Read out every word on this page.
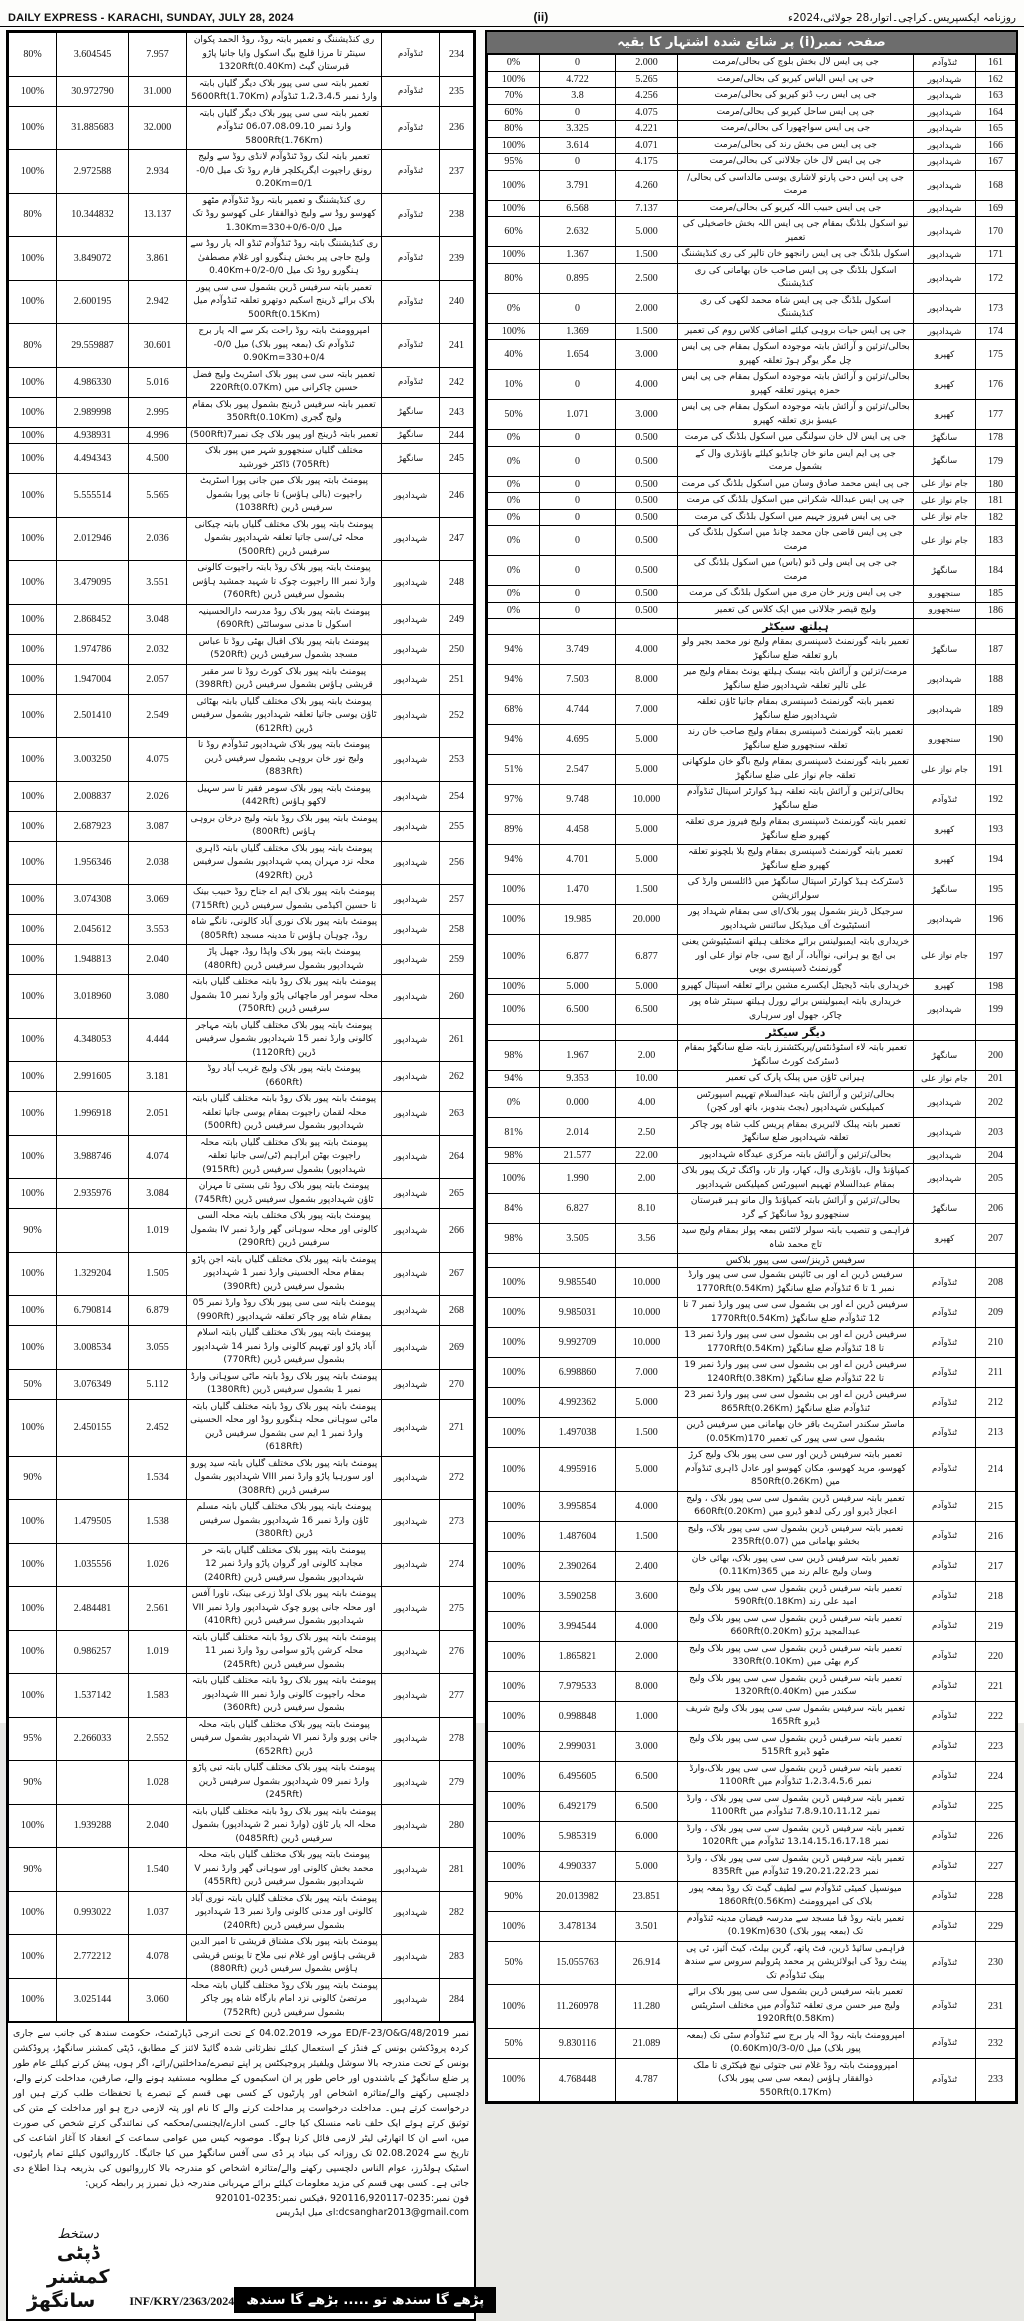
DAILY EXPRESS - KARACHI, SUNDAY, JULY 28, 2024	(ii)	روزنامہ ایکسپریس۔کراچی۔اتوار،28 جولائی،2024ء
234	ٹنڈوآدم	ری کنڈیشننگ و تعمیر بابتہ روڈ، روڈ الحمد پکوان سینٹر تا مرزا قلیچ بیگ اسکول وایا جاتیا پاڑو قبرستان گیٹ 1320Rft(0.40Km)	7.957	3.604545	80%
235	ٹنڈوآدم	تعمیر بابتہ سی سی پیور بلاک دیگر گلیاں بابتہ وارڈ نمبر 1،2،3،4،5 ٹنڈوآدم 5600Rft(1.70Km)	31.000	30.972790	100%
236	ٹنڈوآدم	تعمیر بابتہ سی سی پیور بلاک دیگر گلیاں بابتہ وارڈ نمبر 06،07،08،09،10 ٹنڈوآدم 5800Rft(1.76Km)	32.000	31.885683	100%
237	ٹنڈوآدم	تعمیر بابتہ لنک روڈ ٹنڈوآدم لانڈی روڈ سے ولیج رونق راجپوت ایگریکلچر فارم روڈ تک میل 0/0-0/1=0.20Km	2.934	2.972588	100%
238	ٹنڈوآدم	ری کنڈیشننگ و تعمیر بابتہ روڈ ٹنڈوآدم مٹھو کھوسو روڈ سے ولیج ذوالفقار علی کھوسو روڈ تک میل 0/0-0/6+330=1.30Km	13.137	10.344832	80%
239	ٹنڈوآدم	ری کنڈیشننگ بابتہ روڈ ٹنڈوآدم ٹنڈو الہ یار روڈ سے ولیج حاجی پیر بخش ہنگورو اور غلام مصطفیٰ ہنگورو روڈ تک میل 0/0-0/2+0.40Km	3.861	3.849072	100%
240	ٹنڈوآدم	تعمیر بابتہ سرفیس ڈرین بشمول سی سی پیور بلاک برائے ڈرینج اسکیم دوتھرو تعلقہ ٹنڈوآدم میل 500Rft(0.15Km)	2.942	2.600195	100%
241	ٹنڈوآدم	امپروومنٹ بابتہ روڈ راحت بکر سے الہ یار برج ٹنڈوآدم تک (بمعہ پیور بلاک) میل 0/0-0/4+330=0.90Km	30.601	29.559887	80%
242	ٹنڈوآدم	تعمیر بابتہ سی سی پیور بلاک اسٹریٹ ولیج فضل حسین چاکرانی میں 220Rft(0.07Km)	5.016	4.986330	100%
243	سانگھڑ	تعمیر بابتہ سرفیس ڈرینج بشمول پیور بلاک بمقام ولیج گجری 350Rft(0.10Km)	2.995	2.989998	100%
244	سانگھڑ	تعمیر بابتہ ڈرینج اور پیور بلاک چک نمبر7(500Rft)	4.996	4.938931	100%
245	سانگھڑ	مختلف گلیاں سنجھورو شہر میں پیور بلاک (705Rft) ڈاکٹر خورشید	4.500	4.494343	100%
246	شہدادپور	پیومنٹ بابتہ پیور بلاک مین جانی پورا اسٹریٹ راجپوت (بالی ہاؤس) تا جانی پورا بشمول سرفیس ڈرین (1038Rft)	5.565	5.555514	100%
247	شہدادپور	پیومنٹ بابتہ پیور بلاک مختلف گلیاں بابتہ چیکانی محلہ ٹی/سی جاتیا تعلقہ شہدادپور بشمول سرفیس ڈرین (500Rft)	2.036	2.012946	100%
248	شہدادپور	پیومنٹ بابتہ پیور بلاک روڈ بابتہ راجپوت کالونی وارڈ نمبر III راجپوت چوک تا شہید جمشید ہاؤس بشمول سرفیس ڈرین (760Rft)	3.551	3.479095	100%
249	شہدادپور	پیومنٹ بابتہ پیور بلاک روڈ مدرسہ دارالحسینیہ اسکول تا مدنی سوسائٹی (690Rft)	3.048	2.868452	100%
250	شہدادپور	پیومنٹ بابتہ پیور بلاک اقبال بھٹی روڈ تا عباس مسجد بشمول سرفیس ڈرین (520Rft)	2.032	1.974786	100%
251	شہدادپور	پیومنٹ بابتہ پیور بلاک کورٹ روڈ تا سر مقبر قریشی ہاؤس بشمول سرفیس ڈرین (398Rft)	2.057	1.947004	100%
252	شہدادپور	پیومنٹ بابتہ پیور بلاک مختلف گلیاں بابتہ بھٹائی ٹاؤن یوسی جاتیا تعلقہ شہدادپور بشمول سرفیس ڈرین (612Rft)	2.549	2.501410	100%
253	شہدادپور	پیومنٹ بابتہ پیور بلاک شہدادپور ٹنڈوآدم روڈ تا ولیج نور خان بروہی بشمول سرفیس ڈرین (883Rft)	4.075	3.003250	100%
254	شہدادپور	پیومنٹ بابتہ پیور بلاک سومر فقیر تا سر سہیل لاکھو ہاؤس (442Rft)	2.026	2.008837	100%
255	شہدادپور	پیومنٹ بابتہ پیور بلاک روڈ بابتہ ولیج درخان بروہی ہاؤس (800Rft)	3.087	2.687923	100%
256	شہدادپور	پیومنٹ بابتہ پیور بلاک مختلف گلیاں بابتہ ڈاہری محلہ نزد مہران پمپ شہدادپور بشمول سرفیس ڈرین (492Rft)	2.038	1.956346	100%
257	شہدادپور	پیومنٹ بابتہ پیور بلاک ایم اے جناح روڈ حبیب بینک تا حسین اکیڈمی بشمول سرفیس ڈرین (715Rft)	3.069	3.074308	100%
258	شہدادپور	پیومنٹ بابتہ پیور بلاک نوری آباد کالونی، نانگے شاہ روڈ، چوہان ہاؤس تا مدینہ مسجد (805Rft)	3.553	2.045612	100%
259	شہدادپور	پیومنٹ بابتہ پیور بلاک واپڈا روڈ، جھیل پاڑ شہدادپور بشمول سرفیس ڈرین (480Rft)	2.040	1.948813	100%
260	شہدادپور	پیومنٹ بابتہ پیور بلاک روڈ بابتہ مختلف گلیاں بابتہ محلہ سومر اور ماچھائی پاڑو وارڈ نمبر 10 بشمول سرفیس ڈرین (750Rft)	3.080	3.018960	100%
261	شہدادپور	پیومنٹ بابتہ پیور بلاک مختلف گلیاں بابتہ مہاجر کالونی وارڈ نمبر 15 شہدادپور بشمول سرفیس ڈرین (1120Rft)	4.444	4.348053	100%
262	شہدادپور	پیومنٹ بابتہ پیور بلاک ولیج غریب آباد روڈ (660Rft)	3.181	2.991605	100%
263	شہدادپور	پیومنٹ بابتہ پیور بلاک روڈ بابتہ مختلف گلیاں بابتہ محلہ لقمان راجپوت بمقام یوسی جاتیا تعلقہ شہدادپور بشمول سرفیس ڈرین (500Rft)	2.051	1.996918	100%
264	شہدادپور	پیومنٹ بابتہ پیو بلاک مختلف گلیاں بابتہ محلہ راجپوت بھٹن ابراہیم (ٹی/سی جاتیا تعلقہ شہدادپور) بشمول سرفیس ڈرین (915Rft)	4.074	3.988746	100%
265	شہدادپور	پیومنٹ بابتہ پیور بلاک روڈ نئی بستی تا مہران ٹاؤن شہدادپور بشمول سرفیس ڈرین (745Rft)	3.084	2.935976	100%
266	شہدادپور	پیومنٹ بابتہ پیور بلاک مختلف بابتہ محلہ السی کالونی اور محلہ سوہانی گھر وارڈ نمبر IV بشمول سرفیس ڈرین (290Rft)	1.019		90%
267	شہدادپور	پیومنٹ بابتہ پیور بلاک مختلف گلیاں بابتہ اجن پاڑو بمقام محلہ الحسینی وارڈ نمبر 1 شہدادپور بشمول سرفیس ڈرین (390Rft)	1.505	1.329204	100%
268	شہدادپور	پیومنٹ بابتہ سی سی پیور بلاک روڈ وارڈ نمبر 05 بمقام شاہ پور چاکر تعلقہ شہدادپور (990Rft)	6.879	6.790814	100%
269	شہدادپور	پیومنٹ بابتہ پیور بلاک مختلف گلیاں بابتہ اسلام آباد پاڑو اور تھہیم کالونی وارڈ نمبر 14 شہدادپور بشمول سرفیس ڈرین (770Rft)	3.055	3.008534	100%
270	شہدادپور	پیومنٹ بابتہ پیور بلاک روڈ بابتہ ماٹی سوہانی وارڈ نمبر 1 بشمول سرفیس ڈرین (1380Rft)	5.112	3.076349	50%
271	شہدادپور	پیومنٹ بابتہ پیور بلاک روڈ بابتہ مختلف گلیاں بابتہ ماٹی سوہانی محلہ ہنگورو روڈ اور محلہ الحسینی وارڈ نمبر 1 ایم سی بشمول سرفیس ڈرین (618Rft)	2.452	2.450155	100%
272	شہدادپور	پیومنٹ بابتہ پیور بلاک مختلف گلیاں بابتہ سید پورو اور سورہیا پاڑو وارڈ نمبر VIII شہدادپور بشمول سرفیس ڈرین (308Rft)	1.534		90%
273	شہدادپور	پیومنٹ بابتہ پیور بلاک مختلف گلیاں بابتہ مسلم ٹاؤن وارڈ نمبر 16 شہدادپور بشمول سرفیس ڈرین (380Rft)	1.538	1.479505	100%
274	شہدادپور	پیومنٹ بابتہ پیور بلاک مختلف گلیاں بابتہ حر مجاہد کالونی اور گروان پاڑو وارڈ نمبر 12 شہدادپور بشمول سرفیس ڈرین (240Rft)	1.026	1.035556	100%
275	شہدادپور	پیومنٹ بابتہ پیور بلاک اولڈ زرعی بینک، ناورا آفس اور محلہ جانی پورو چوک شہدادپور وارڈ نمبر VII شہدادپور بشمول سرفیس ڈرین (410Rft)	2.561	2.484481	100%
276	شہدادپور	پیومنٹ بابتہ پیور بلاک روڈ بابتہ مختلف گلیاں بابتہ محلہ کرشن پاڑو سوامی روڈ وارڈ نمبر 11 بشمول سرفیس ڈرین (245Rft)	1.019	0.986257	100%
277	شہدادپور	پیومنٹ بابتہ پیور بلاک روڈ بابتہ مختلف گلیاں بابتہ محلہ راجپوت کالونی وارڈ نمبر III شہدادپور بشمول سرفیس ڈرین (360Rft)	1.583	1.537142	100%
278	شہدادپور	پیومنٹ بابتہ پیور بلاک مختلف گلیاں بابتہ محلہ جانی پورو وارڈ نمبر VI شہدادپور بشمول سرفیس ڈرین (652Rft)	2.552	2.266033	95%
279	شہدادپور	پیومنٹ بابتہ پیور بلاک مختلف گلیاں بابتہ تبی پاڑو وارڈ نمبر 09 شہدادپور بشمول سرفیس ڈرین (245Rft)	1.028		90%
280	شہدادپور	پیومنٹ بابتہ پیور بلاک روڈ بابتہ مختلف گلیاں بابتہ محلہ الہ یار ٹاؤن (وارڈ نمبر 2 شہدادپور) بشمول سرفیس ڈرین (0485Rft)	2.040	1.939288	100%
281	شہدادپور	پیومنٹ بابتہ پیور بلاک مختلف گلیاں بابتہ محلہ محمد بخش کالونی اور سوہانی گھر وارڈ نمبر V شہدادپور بشمول سرفیس ڈرین (455Rft)	1.540		90%
282	شہدادپور	پیومنٹ بابتہ پیور بلاک مختلف گلیاں بابتہ نوری آباد کالونی اور مدنی کالونی وارڈ نمبر 13 شہدادپور بشمول سرفیس ڈرین (240Rft)	1.037	0.993022	100%
283	شہدادپور	پیومنٹ بابتہ پیور بلاک مشتاق قریشی تا امیر الدین قریشی ہاؤس اور غلام نبی ملاح تا یونس قریشی ہاؤس بشمول سرفیس ڈرین (880Rft)	4.078	2.772212	100%
284	شہدادپور	پیومنٹ بابتہ پیور بلاک روڈ مختلف گلیاں بابتہ محلہ مرتضیٰ کالونی نزد امام بارگاہ شاہ پور چاکر بشمول سرفیس ڈرین (752Rft)	3.060	3.025144	100%
نمبر ED/F-23/O&G/48/2019 مورخہ 04.02.2019 کے تحت انرجی ڈپارٹمنٹ، حکومت سندھ کی جانب سے جاری کردہ پروڈکشن بونس کے فنڈز کے استعمال کیلئے نظرثانی شدہ گائیڈ لائنز کے مطابق، ڈپٹی کمشنر سانگھڑ، پروڈکشن بونس کے تحت مندرجہ بالا سوشل ویلفیئر پروجیکٹس پر اپنے تبصرے/مداخلتیں/رائے، اگر ہوں، پیش کرنے کیلئے عام طور پر ضلع سانگھڑ کے باشندوں اور خاص طور پر ان اسکیموں کے مطلوبہ مستفید ہونے والے، صارفین، مداخلت کرنے والے، دلچسپی رکھنے والے/متاثرہ اشخاص اور پارٹیوں کے کسی بھی قسم کے تبصرے یا تحفظات طلب کرتے ہیں اور درخواست کرتے ہیں۔ مداخلت درخواست پر مداخلت کرنے والے کا نام اور پتہ لازمی درج ہو اور مداخلت کے متن کی توثیق کرتے ہوئے ایک حلف نامہ منسلک کیا جائے۔ کسی ادارے/ایجنسی/محکمہ کی نمائندگی کرتے شخص کی صورت میں، اسے ان کا اتھارٹی لیٹر لازمی فائل کرنا ہوگا۔ موصوبہ کیس میں عوامی سماعت کے انعقاد کا آغاز اشاعت کی تاریخ سے 02.08.2024 تک روزانہ کی بنیاد پر ڈی سی آفس سانگھڑ میں کیا جائیگا۔ کارروائیوں کیلئے تمام پارٹیوں، اسٹیک ہولڈرز، عوام الناس دلچسپی رکھنے والے/متاثرہ اشخاص کو مندرجہ بالا کارروائیوں کی بذریعہ ہذا اطلاع دی جاتی ہے۔ کسی بھی قسم کی مزید معلومات کیلئے برائے مہربانی مندرجہ ذیل نمبرز پر رابطہ کریں:
فون نمبر:0235-920116,920117 ،فیکس نمبر:0235-920101
dcsanghar2013@gmail.com:ای میل ایڈریس
دستخط
ڈپٹی کمشنر
سانگھڑ	INF/KRY/2363/2024 پڑھے گا سندھ تو ..... بڑھے گا سندھ
صفحہ نمبر(i) پر شائع شدہ اشتہار کا بقیہ
161	ٹنڈوآدم	جی پی ایس لال بخش بلوچ کی بحالی/مرمت	2.000	0	0%
162	شہدادپور	جی پی ایس الیاس کیریو کی بحالی/مرمت	5.265	4.722	100%
163	شہدادپور	جی پی ایس رب ڈنو کیریو کی بحالی/مرمت	4.256	3.8	70%
164	شہدادپور	جی پی ایس ساحل کیریو کی بحالی/مرمت	4.075	0	60%
165	شہدادپور	جی پی ایس سواچھورا کی بحالی/مرمت	4.221	3.325	80%
166	شہدادپور	جی پی ایس می بخش رند کی بحالی/مرمت	4.071	3.614	100%
167	شہدادپور	جی پی ایس لال خان جلالانی کی بحالی/مرمت	4.175	0	95%
168	شہدادپور	جی پی ایس دحی پارتو لاشاری یوسی مالداسی کی بحالی/مرمت	4.260	3.791	100%
169	شہدادپور	جی پی ایس حبیب اللہ کیریو کی بحالی/مرمت	7.137	6.568	100%
170	شہدادپور	نیو اسکول بلڈنگ بمقام جی پی ایس اللہ بخش خاصخیلی کی تعمیر	5.000	2.632	60%
171	شہدادپور	اسکول بلڈنگ جی پی ایس رانجھو خان تالپر کی ری کنڈیشننگ	1.500	1.367	100%
172	شہدادپور	اسکول بلڈنگ جی پی ایس صاحب خان بھامانی کی ری کنڈیشننگ	2.500	0.895	80%
173	شہدادپور	اسکول بلڈنگ جی پی ایس شاہ محمد لکھی کی ری کنڈیشننگ	2.000	0	0%
174	شہدادپور	جی پی ایس حیات بروہی کیلئے اضافی کلاس روم کی تعمیر	1.500	1.369	100%
175	کھپرو	بحالی/تزئین و آرائش بابتہ موجودہ اسکول بمقام جی پی ایس چل مگر یوگر ہوڑ تعلقہ کھپرو	3.000	1.654	40%
176	کھپرو	بحالی/تزئین و آرائش بابتہ موجودہ اسکول بمقام جی پی ایس حمزہ پہنور تعلقہ کھپرو	4.000	0	10%
177	کھپرو	بحالی/تزئین و آرائش بابتہ موجودہ اسکول بمقام جی پی ایس عیسوٰ بزی تعلقہ کھپرو	3.000	1.071	50%
178	سانگھڑ	جی پی ایس لال خان سولنگی میں اسکول بلڈنگ کی مرمت	0.500	0	0%
179	سانگھڑ	جی پی ایم ایس مانو خان چانڈیو کیلئے باؤنڈری وال کے بشمول مرمت	0.500	0	0%
180	جام نواز علی	جی پی ایس محمد صادق وسان میں اسکول بلڈنگ کی مرمت	0.500	0	0%
181	جام نواز علی	جی پی ایس عبداللہ شکرانی میں اسکول بلڈنگ کی مرمت	0.500	0	0%
182	جام نواز علی	جی پی ایس فیروز جہیم میں اسکول بلڈنگ کی مرمت	0.500	0	0%
183	جام نواز علی	جی پی ایس قاضی جان محمد چانڈ میں اسکول بلڈنگ کی مرمت	0.500	0	0%
184	سانگھڑ	جی جی پی ایس ولی ڈنو (باس) میں اسکول بلڈنگ کی مرمت	0.500	0	0%
185	سنجھورو	جی پی ایس وزیر خان مری میں اسکول بلڈنگ کی مرمت	0.500	0	0%
186	سنجھورو	ولیج قیصر جلالانی میں ایک کلاس کی تعمیر	0.500	0	0%
		ہیلتھ سیکٹر			
187	سانگھڑ	تعمیر بابتہ گورنمنٹ ڈسپنسری بمقام ولیج نور محمد بجیر ولو بارو تعلقہ ضلع سانگھڑ	4.000	3.749	94%
188	شہدادپور	مرمت/تزئین و آرائش بابتہ بیسک ہیلتھ یونٹ بمقام ولیج میر علی تالپر تعلقہ شہدادپور ضلع سانگھڑ	8.000	7.503	94%
189	شہدادپور	تعمیر بابتہ گورنمنٹ ڈسپنسری بمقام جاتیا ٹاؤن تعلقہ شہدادپور ضلع سانگھڑ	7.000	4.744	68%
190	سنجھورو	تعمیر بابتہ گورنمنٹ ڈسپنسری بمقام ولیج صاحب خان رند تعلقہ سنجھورو ضلع سانگھڑ	5.000	4.695	94%
191	جام نواز علی	تعمیر بابتہ گورنمنٹ ڈسپنسری بمقام ولیج باگو خان ملوکھانی تعلقہ جام نواز علی ضلع سانگھڑ	5.000	2.547	51%
192	ٹنڈوآدم	بحالی/تزئین و آرائش بابتہ تعلقہ ہیڈ کوارٹر اسپتال ٹنڈوآدم ضلع سانگھڑ	10.000	9.748	97%
193	کھپرو	تعمیر بابتہ گورنمنٹ ڈسپنسری بمقام ولیج فیروز مری تعلقہ کھپرو ضلع سانگھڑ	5.000	4.458	89%
194	کھپرو	تعمیر بابتہ گورنمنٹ ڈسپنسری بمقام ولیج بلا بلچونو تعلقہ کھپرو ضلع سانگھڑ	5.000	4.701	94%
195	سانگھڑ	ڈسٹرکٹ ہیڈ کوارٹر اسپتال سانگھڑ میں ڈائلسس وارڈ کی سولرائزیشن	1.500	1.470	100%
196	شہدادپور	سرجیکل ڈرینز بشمول پیور بلاک/ای سی بمقام شہداد پور انسٹیٹیوٹ آف میڈیکل سائنس شہدادپور	20.000	19.985	100%
197	جام نواز علی	خریداری بابتہ ایمبولینس برائے مختلف ہیلتھ انسٹیٹیوشن یعنی بی ایچ یو ہرانی، نواآباد، آر ایچ سی، جام نواز علی اور گورنمنٹ ڈسپنسری بوبی	6.877	6.877	100%
198	کھپرو	خریداری بابتہ ڈیجیٹل ایکسرے مشین برائے تعلقہ اسپتال کھپرو	5.000	5.000	100%
199	شہدادپور	خریداری بابتہ ایمبولینس برائے رورل ہیلتھ سینٹر شاہ پور چاکر، جھول اور سرہاری	6.500	6.500	100%
		دیگر سیکٹر			
200	سانگھڑ	تعمیر بابتہ لاء اسٹوڈنٹس/پریکٹشنرز بابتہ ضلع سانگھڑ بمقام ڈسٹرکٹ کورٹ سانگھڑ	2.00	1.967	98%
201	جام نواز علی	ہیرانی ٹاؤن میں پبلک پارک کی تعمیر	10.00	9.353	94%
202	شہدادپور	بحالی/تزئین و آرائش بابتہ عبدالسلام تھہیم اسپورٹس کمپلیکس شہدادپور (بجٹ بندوبز، باتھ اور کچن)	4.00	0.000	0%
203	شہدادپور	تعمیر بابتہ پبلک لائبریری بمقام پریس کلب شاہ پور چاکر تعلقہ شہدادپور ضلع سانگھڑ	2.50	2.014	81%
204	شہدادپور	بحالی/تزئین و آرائش بابتہ مرکزی عیدگاہ شہدادپور	22.00	21.577	98%
205	شہدادپور	کمپاؤنڈ وال، باؤنڈری وال، کھار، وار تار، واکنگ ٹریک پیور بلاک بمقام عبدالسلام تھہیم اسپورٹس کمپلیکس شہدادپور	2.00	1.990	100%
206	سانگھڑ	بحالی/تزئین و آرائش بابتہ کمپاؤنڈ وال مانو ہیر قبرستان سنجھورو روڈ سانگھڑ کے گرد	8.10	6.827	84%
207	کھپرو	فراہمی و تنصیب بابتہ سولر لائٹس بمعہ پولز بمقام ولیج سید تاج محمد شاہ	3.56	3.505	98%
		سرفیس ڈرینز/سی سی پیور بلاکس			
208	ٹنڈوآدم	سرفیس ڈرین اے اور بی ٹائپس بشمول سی سی پیور وارڈ نمبر 1 تا 6 ٹنڈوآدم ضلع سانگھڑ 1770Rft(0.54Km)	10.000	9.985540	100%
209	ٹنڈوآدم	سرفیس ڈرین اے اور بی بشمول سی سی پیور وارڈ نمبر 7 تا 12 ٹنڈوآدم ضلع سانگھڑ 1770Rft(0.54Km)	10.000	9.985031	100%
210	ٹنڈوآدم	سرفیس ڈرین اے اور بی بشمول سی سی پیور وارڈ نمبر 13 تا 18 ٹنڈوآدم ضلع سانگھڑ 1770Rft(0.54Km)	10.000	9.992709	100%
211	ٹنڈوآدم	سرفیس ڈرین اے اور بی بشمول سی سی پیور وارڈ نمبر 19 تا 22 ٹنڈوآدم ضلع سانگھڑ 1240Rft(0.38Km)	7.000	6.998860	100%
212	ٹنڈوآدم	سرفیس ڈرین اے اور بی بشمول سی سی پیور وارڈ نمبر 23 ٹنڈوآدم ضلع سانگھڑ 865Rft(0.26Km)	5.000	4.992362	100%
213	ٹنڈوآدم	ماسٹر سکندر اسٹریٹ باقر خان بھامانی میں سرفیس ڈرین بشمول سی سی پیور کی تعمیر 170(0.05Km)	1.500	1.497038	100%
214	ٹنڈوآدم	تعمیر بابتہ سرفیس ڈرین اور سی سی پیور بلاک ولیج کرڑ کھوسو، مرید کھوسو، مکان کھوسو اور عادل ڈاہری ٹنڈوآدم میں 850Rft(0.26Km)	5.000	4.995916	100%
215	ٹنڈوآدم	تعمیر بابتہ سرفیس ڈرین بشمول سی سی پیور بلاک ، ولیج اعجاز ڈیرو اور رکی لدھو ڈیرو میں 660Rft(0.20Km)	4.000	3.995854	100%
216	ٹنڈوآدم	تعمیر بابتہ سرفیس ڈرین بشمول سی سی پیور بلاک، ولیج بخشو بھامانی میں 235Rft(0.07)	1.500	1.487604	100%
217	ٹنڈوآدم	تعمیر بابتہ سرفیس ڈرین سی سی پیور بلاک، بھائی خان وسان ولیج عالم رند میں 365(0.11Km)	2.400	2.390264	100%
218	ٹنڈوآدم	تعمیر بابتہ سرفیس ڈرین بشمول سی سی پیور بلاک ولیج امید علی رند 590Rft(0.18Km)	3.600	3.590258	100%
219	ٹنڈوآدم	تعمیر بابتہ سرفیس ڈرین بشمول سی سی پیور بلاک ولیج عبدالمجید برڑو 660Rft(0.20Km)	4.000	3.994544	100%
220	ٹنڈوآدم	تعمیر بابتہ سرفیس ڈرین بشمول سی سی پیور بلاک ولیج کرم بھٹی میں 330Rft(0.10Km)	2.000	1.865821	100%
221	ٹنڈوآدم	تعمیر بابتہ سرفیس ڈرین بشمول سی سی پیور بلاک ولیج سکندر میں 1320Rft(0.40Km)	8.000	7.979533	100%
222	ٹنڈوآدم	تعمیر بابتہ سرفیس بشمول سی سی پیور بلاک ولیج شریف ڈیرو 165Rft	1.000	0.998848	100%
223	ٹنڈوآدم	تعمیر بابتہ سرفیس ڈرین بشمول سی سی پیور بلاک ولیج مٹھو ڈیرو 515Rft	3.000	2.999031	100%
224	ٹنڈوآدم	تعمیر بابتہ سرفیس ڈرین بشمول سی سی پیور بلاک،وارڈ نمبر 1،2،3،4،5،6 ٹنڈوآدم میں 1100Rft	6.500	6.495605	100%
225	ٹنڈوآدم	تعمیر بابتہ سرفیس ڈرین بشمول سی سی پیور بلاک ، وارڈ نمبر 7،8،9،10،11،12 ٹنڈوآدم میں 1100Rft	6.500	6.492179	100%
226	ٹنڈوآدم	تعمیر بابتہ سرفیس ڈرین بشمول سی سی پیور بلاک ، وارڈ نمبر 13،14،15،16،17،18 ٹنڈوآدم میں 1020Rft	6.000	5.985319	100%
227	ٹنڈوآدم	تعمیر بابتہ سرفیس ڈرین بشمول سی سی پیور بلاک ، وارڈ نمبر 19،20،21،22،23 ٹنڈوآدم میں 835Rft	5.000	4.990337	100%
228	ٹنڈوآدم	میونسپل کمیٹی ٹنڈوآدم سے لطیف گیٹ تک روڈ بمعہ پیور بلاک کی امپروومنٹ 1860Rft(0.56Km)	23.851	20.013982	90%
229	ٹنڈوآدم	تعمیر بابتہ روڈ قبا مسجد سے مدرسہ فیضان مدینہ ٹنڈوآدم تک (بمعہ پیور بلاک) 630(0.19Km)	3.501	3.478134	100%
230	ٹنڈوآدم	فراہمی سائیڈ ڈرین، فٹ پاتھ، گرین بیلٹ، کیٹ آئیز، ٹی پی پینٹ روڈ کی ایولائزیشن پر محمد پٹرولیم سروس سے سندھ بینک ٹنڈوآدم تک	26.914	15.055763	50%
231	ٹنڈوآدم	تعمیر بابتہ سرفیس ڈرین بشمول سی سی پیور بلاک برائے ولیج میر حسن مری تعلقہ ٹنڈوآدم میں مختلف اسٹریٹس 1920Rft(0.58Km)	11.280	11.260978	100%
232	ٹنڈوآدم	امپروومنٹ بابتہ روڈ الہ یار برج سے ٹنڈوآدم سٹی تک (بمعہ پیور بلاک) میل 0/0-0/3(0.60Km)	21.089	9.830116	50%
233	ٹنڈوآدم	امپروومنٹ بابتہ روڈ غلام نبی جتوئی نیچ فیکٹری تا ملک ذوالفقار ہاؤس (بمعہ سی سی پیور بلاک) 550Rft(0.17Km)	4.787	4.768448	100%
